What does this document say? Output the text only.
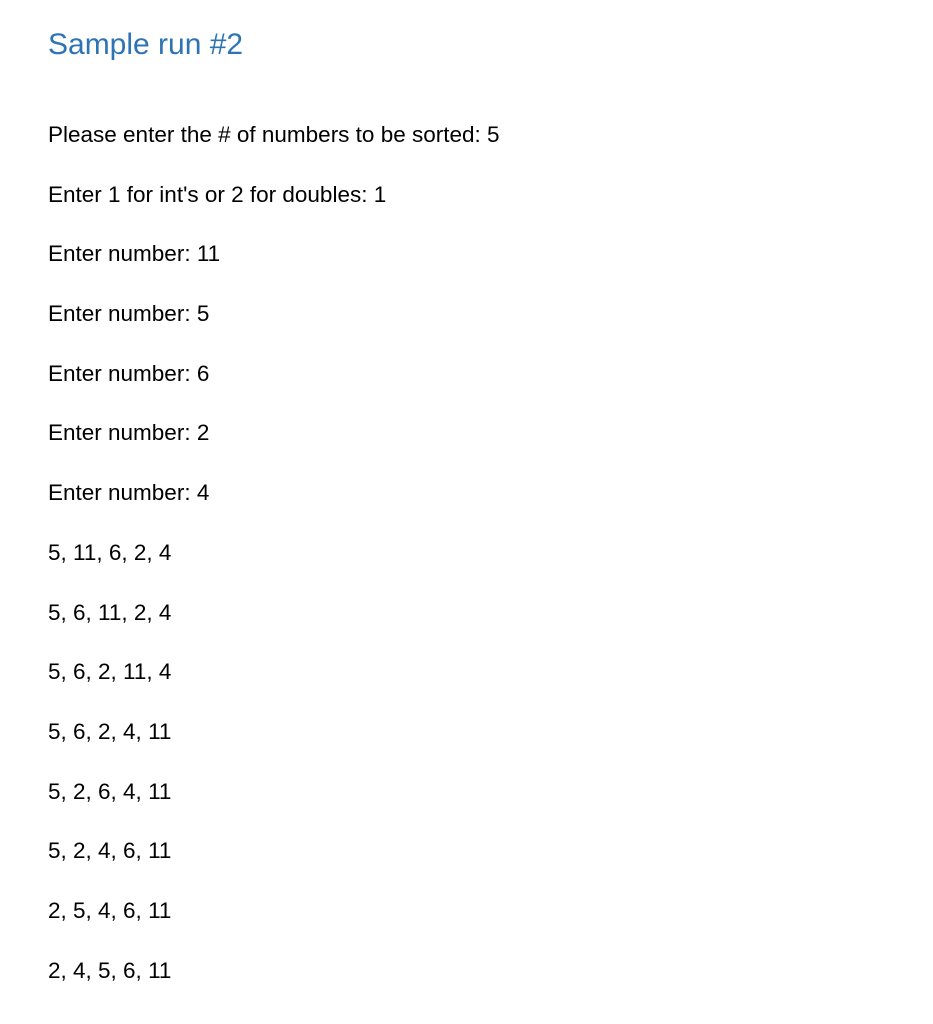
Sample run #2
Please enter the # of numbers to be sorted: 5
Enter 1 for int's or 2 for doubles: 1
Enter number: 11
Enter number: 5
Enter number: 6
Enter number: 2
Enter number: 4
5, 11, 6, 2, 4
5, 6, 11, 2, 4
5, 6, 2, 11, 4
5, 6, 2, 4, 11
5, 2, 6, 4, 11
5, 2, 4, 6, 11
2, 5, 4, 6, 11
2, 4, 5, 6, 11
